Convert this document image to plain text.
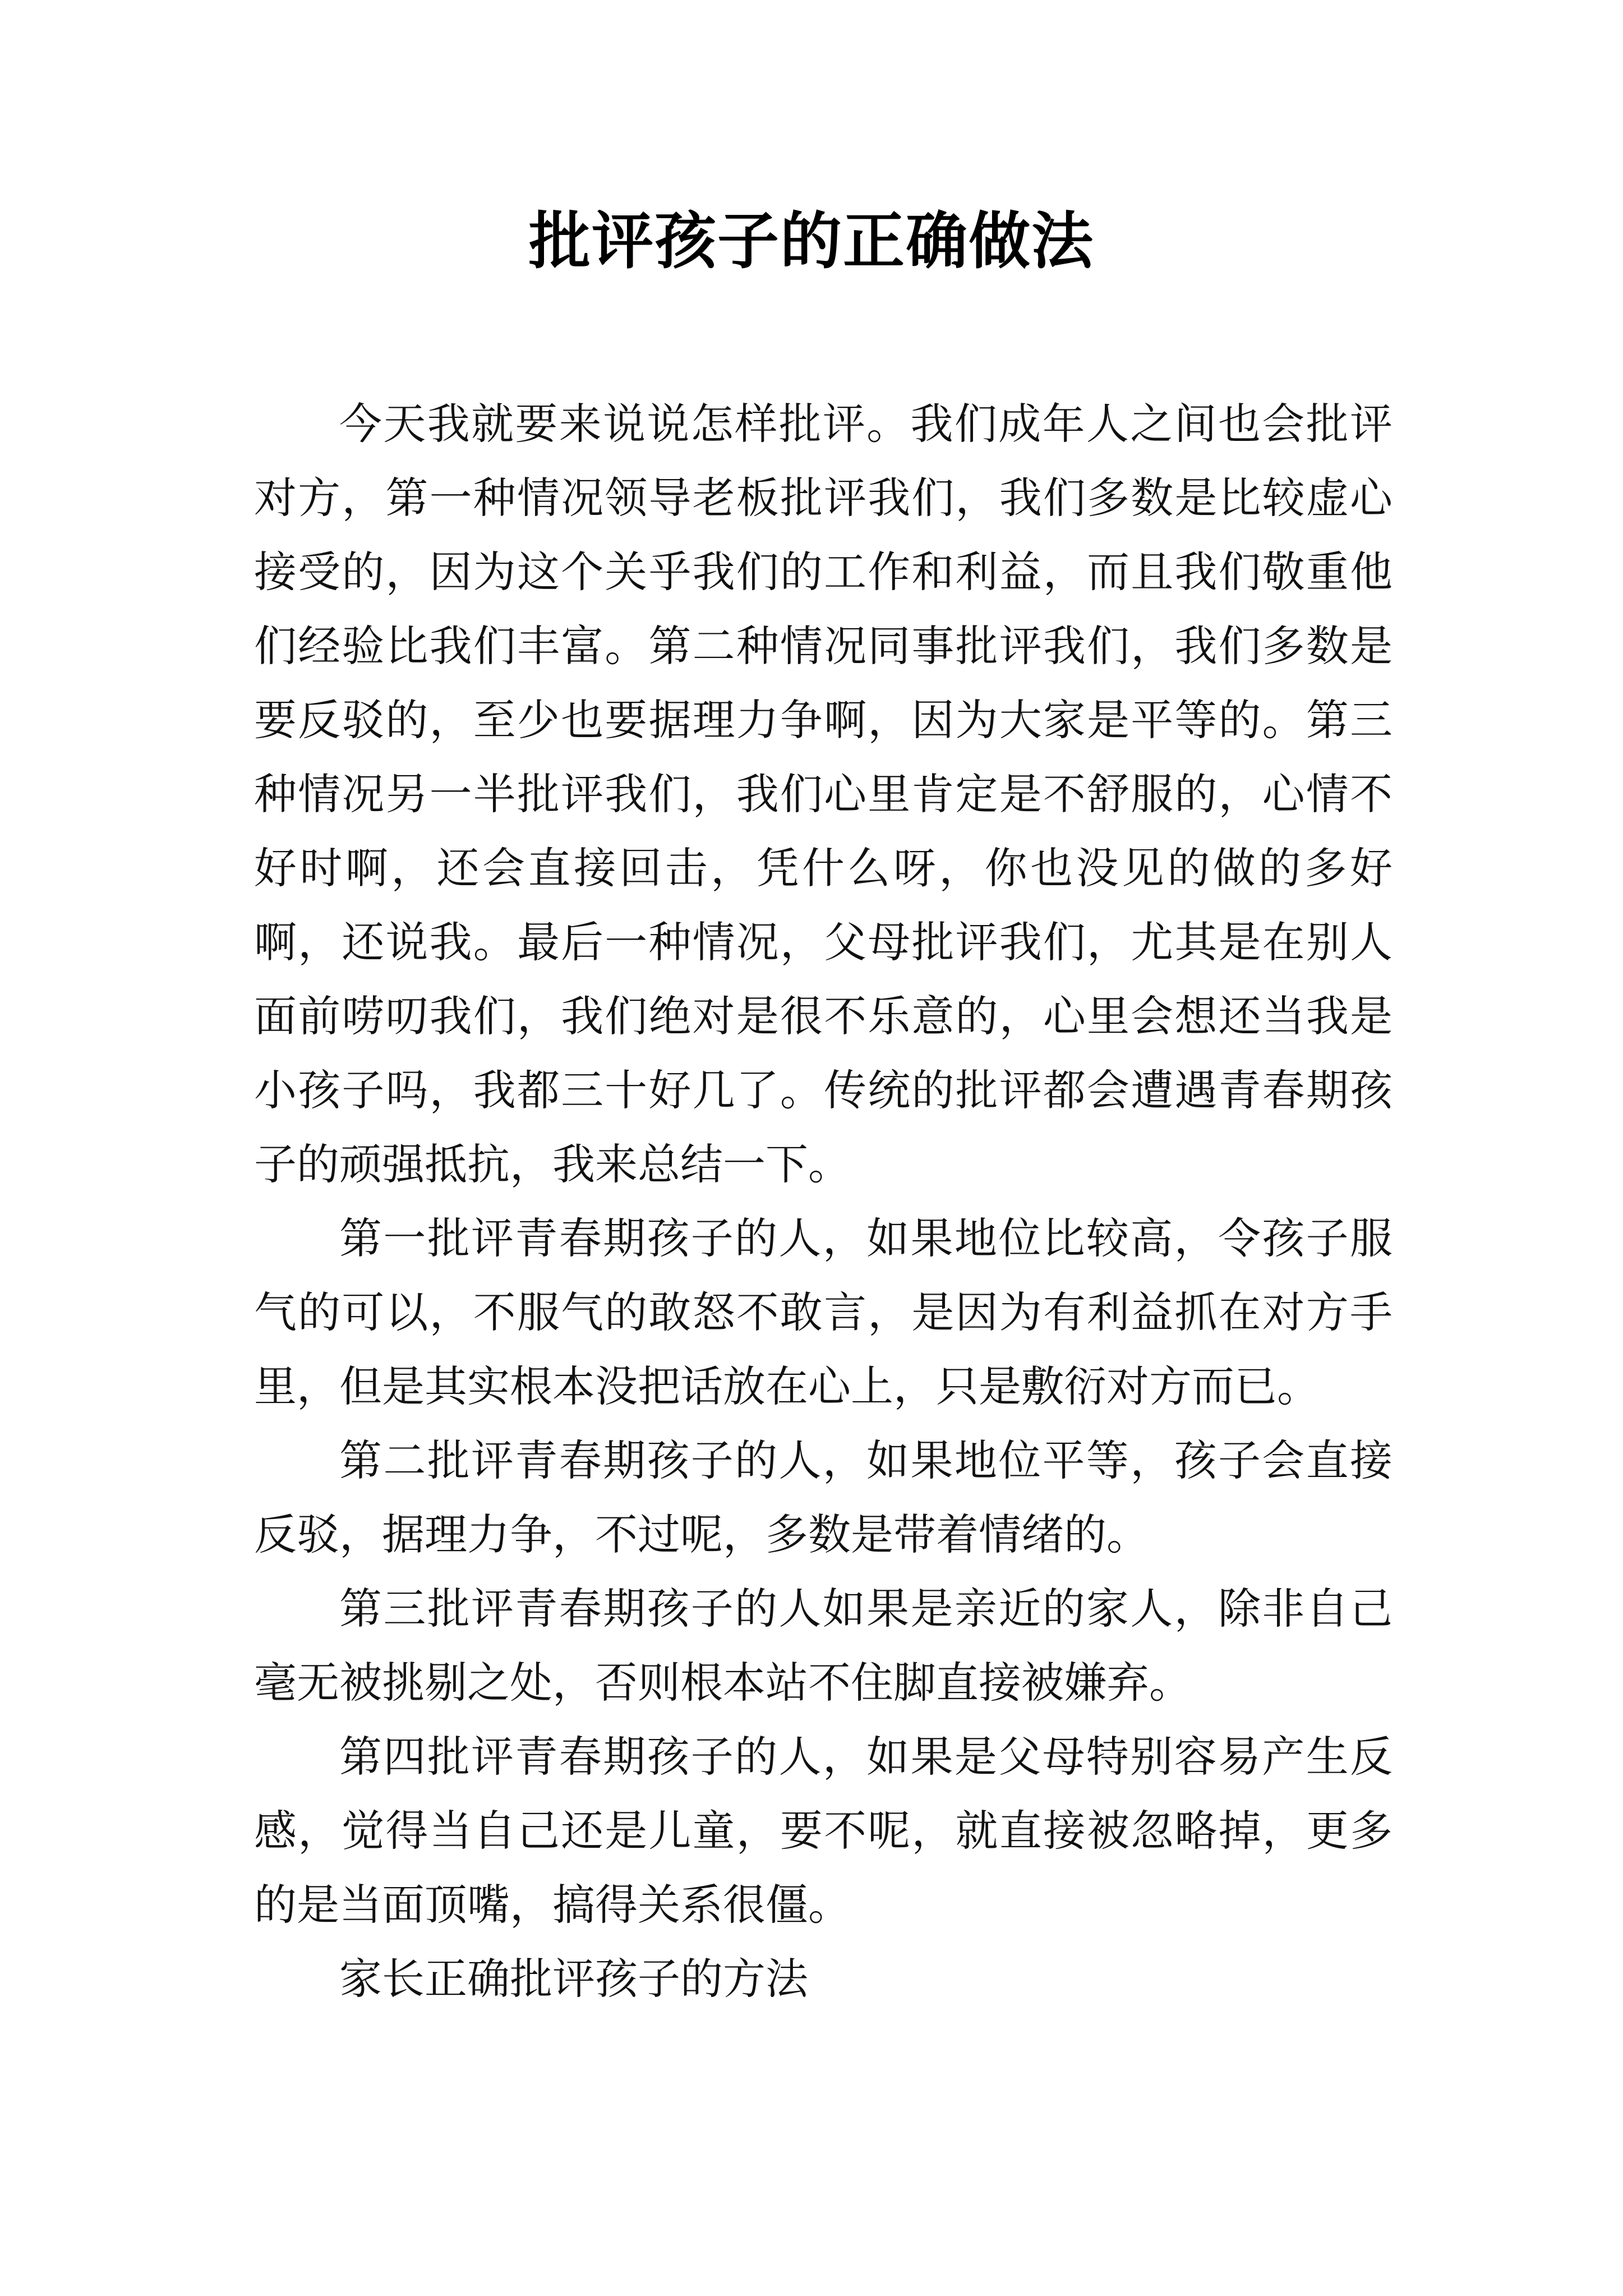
批评孩子的正确做法

今天我就要来说说怎样批评。我们成年人之间也会批评对方，第一种情况领导老板批评我们，我们多数是比较虚心接受的，因为这个关乎我们的工作和利益，而且我们敬重他们经验比我们丰富。第二种情况同事批评我们，我们多数是要反驳的，至少也要据理力争啊，因为大家是平等的。第三种情况另一半批评我们，我们心里肯定是不舒服的，心情不好时啊，还会直接回击，凭什么呀，你也没见的做的多好啊，还说我。最后一种情况，父母批评我们，尤其是在别人面前唠叨我们，我们绝对是很不乐意的，心里会想还当我是小孩子吗，我都三十好几了。传统的批评都会遭遇青春期孩子的顽强抵抗，我来总结一下。

第一批评青春期孩子的人，如果地位比较高，令孩子服气的可以，不服气的敢怒不敢言，是因为有利益抓在对方手里，但是其实根本没把话放在心上，只是敷衍对方而已。

第二批评青春期孩子的人，如果地位平等，孩子会直接反驳，据理力争，不过呢，多数是带着情绪的。

第三批评青春期孩子的人如果是亲近的家人，除非自己毫无被挑剔之处，否则根本站不住脚直接被嫌弃。

第四批评青春期孩子的人，如果是父母特别容易产生反感，觉得当自己还是儿童，要不呢，就直接被忽略掉，更多的是当面顶嘴，搞得关系很僵。

家长正确批评孩子的方法
